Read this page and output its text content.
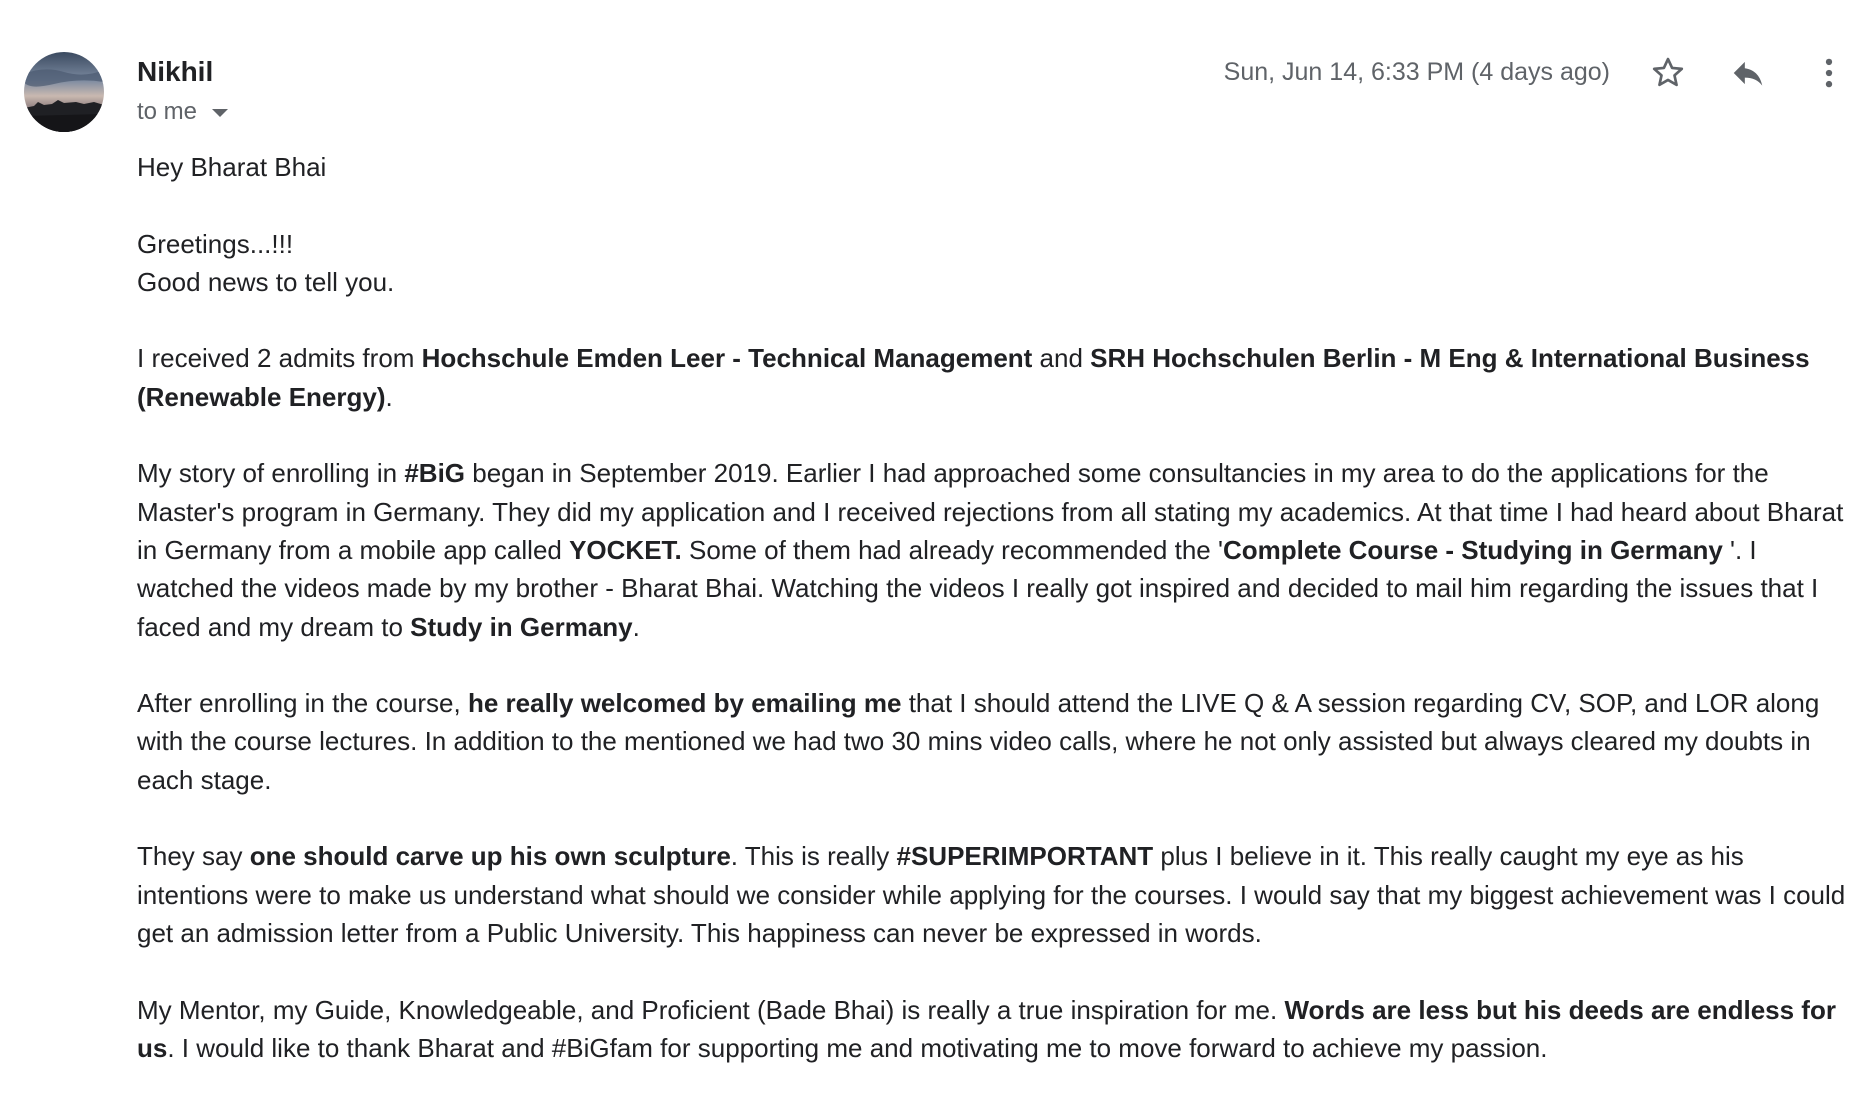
Nikhil
to me
Sun, Jun 14, 6:33 PM (4 days ago)

Hey Bharat Bhai

Greetings...!!!
Good news to tell you.

I received 2 admits from Hochschule Emden Leer - Technical Management and SRH Hochschulen Berlin - M Eng & International Business (Renewable Energy).

My story of enrolling in #BiG began in September 2019. Earlier I had approached some consultancies in my area to do the applications for the Master's program in Germany. They did my application and I received rejections from all stating my academics. At that time I had heard about Bharat in Germany from a mobile app called YOCKET. Some of them had already recommended the 'Complete Course - Studying in Germany '. I watched the videos made by my brother - Bharat Bhai. Watching the videos I really got inspired and decided to mail him regarding the issues that I faced and my dream to Study in Germany.

After enrolling in the course, he really welcomed by emailing me that I should attend the LIVE Q & A session regarding CV, SOP, and LOR along with the course lectures. In addition to the mentioned we had two 30 mins video calls, where he not only assisted but always cleared my doubts in each stage.

They say one should carve up his own sculpture. This is really #SUPERIMPORTANT plus I believe in it. This really caught my eye as his intentions were to make us understand what should we consider while applying for the courses. I would say that my biggest achievement was I could get an admission letter from a Public University. This happiness can never be expressed in words.

My Mentor, my Guide, Knowledgeable, and Proficient (Bade Bhai) is really a true inspiration for me. Words are less but his deeds are endless for us. I would like to thank Bharat and #BiGfam for supporting me and motivating me to move forward to achieve my passion.
